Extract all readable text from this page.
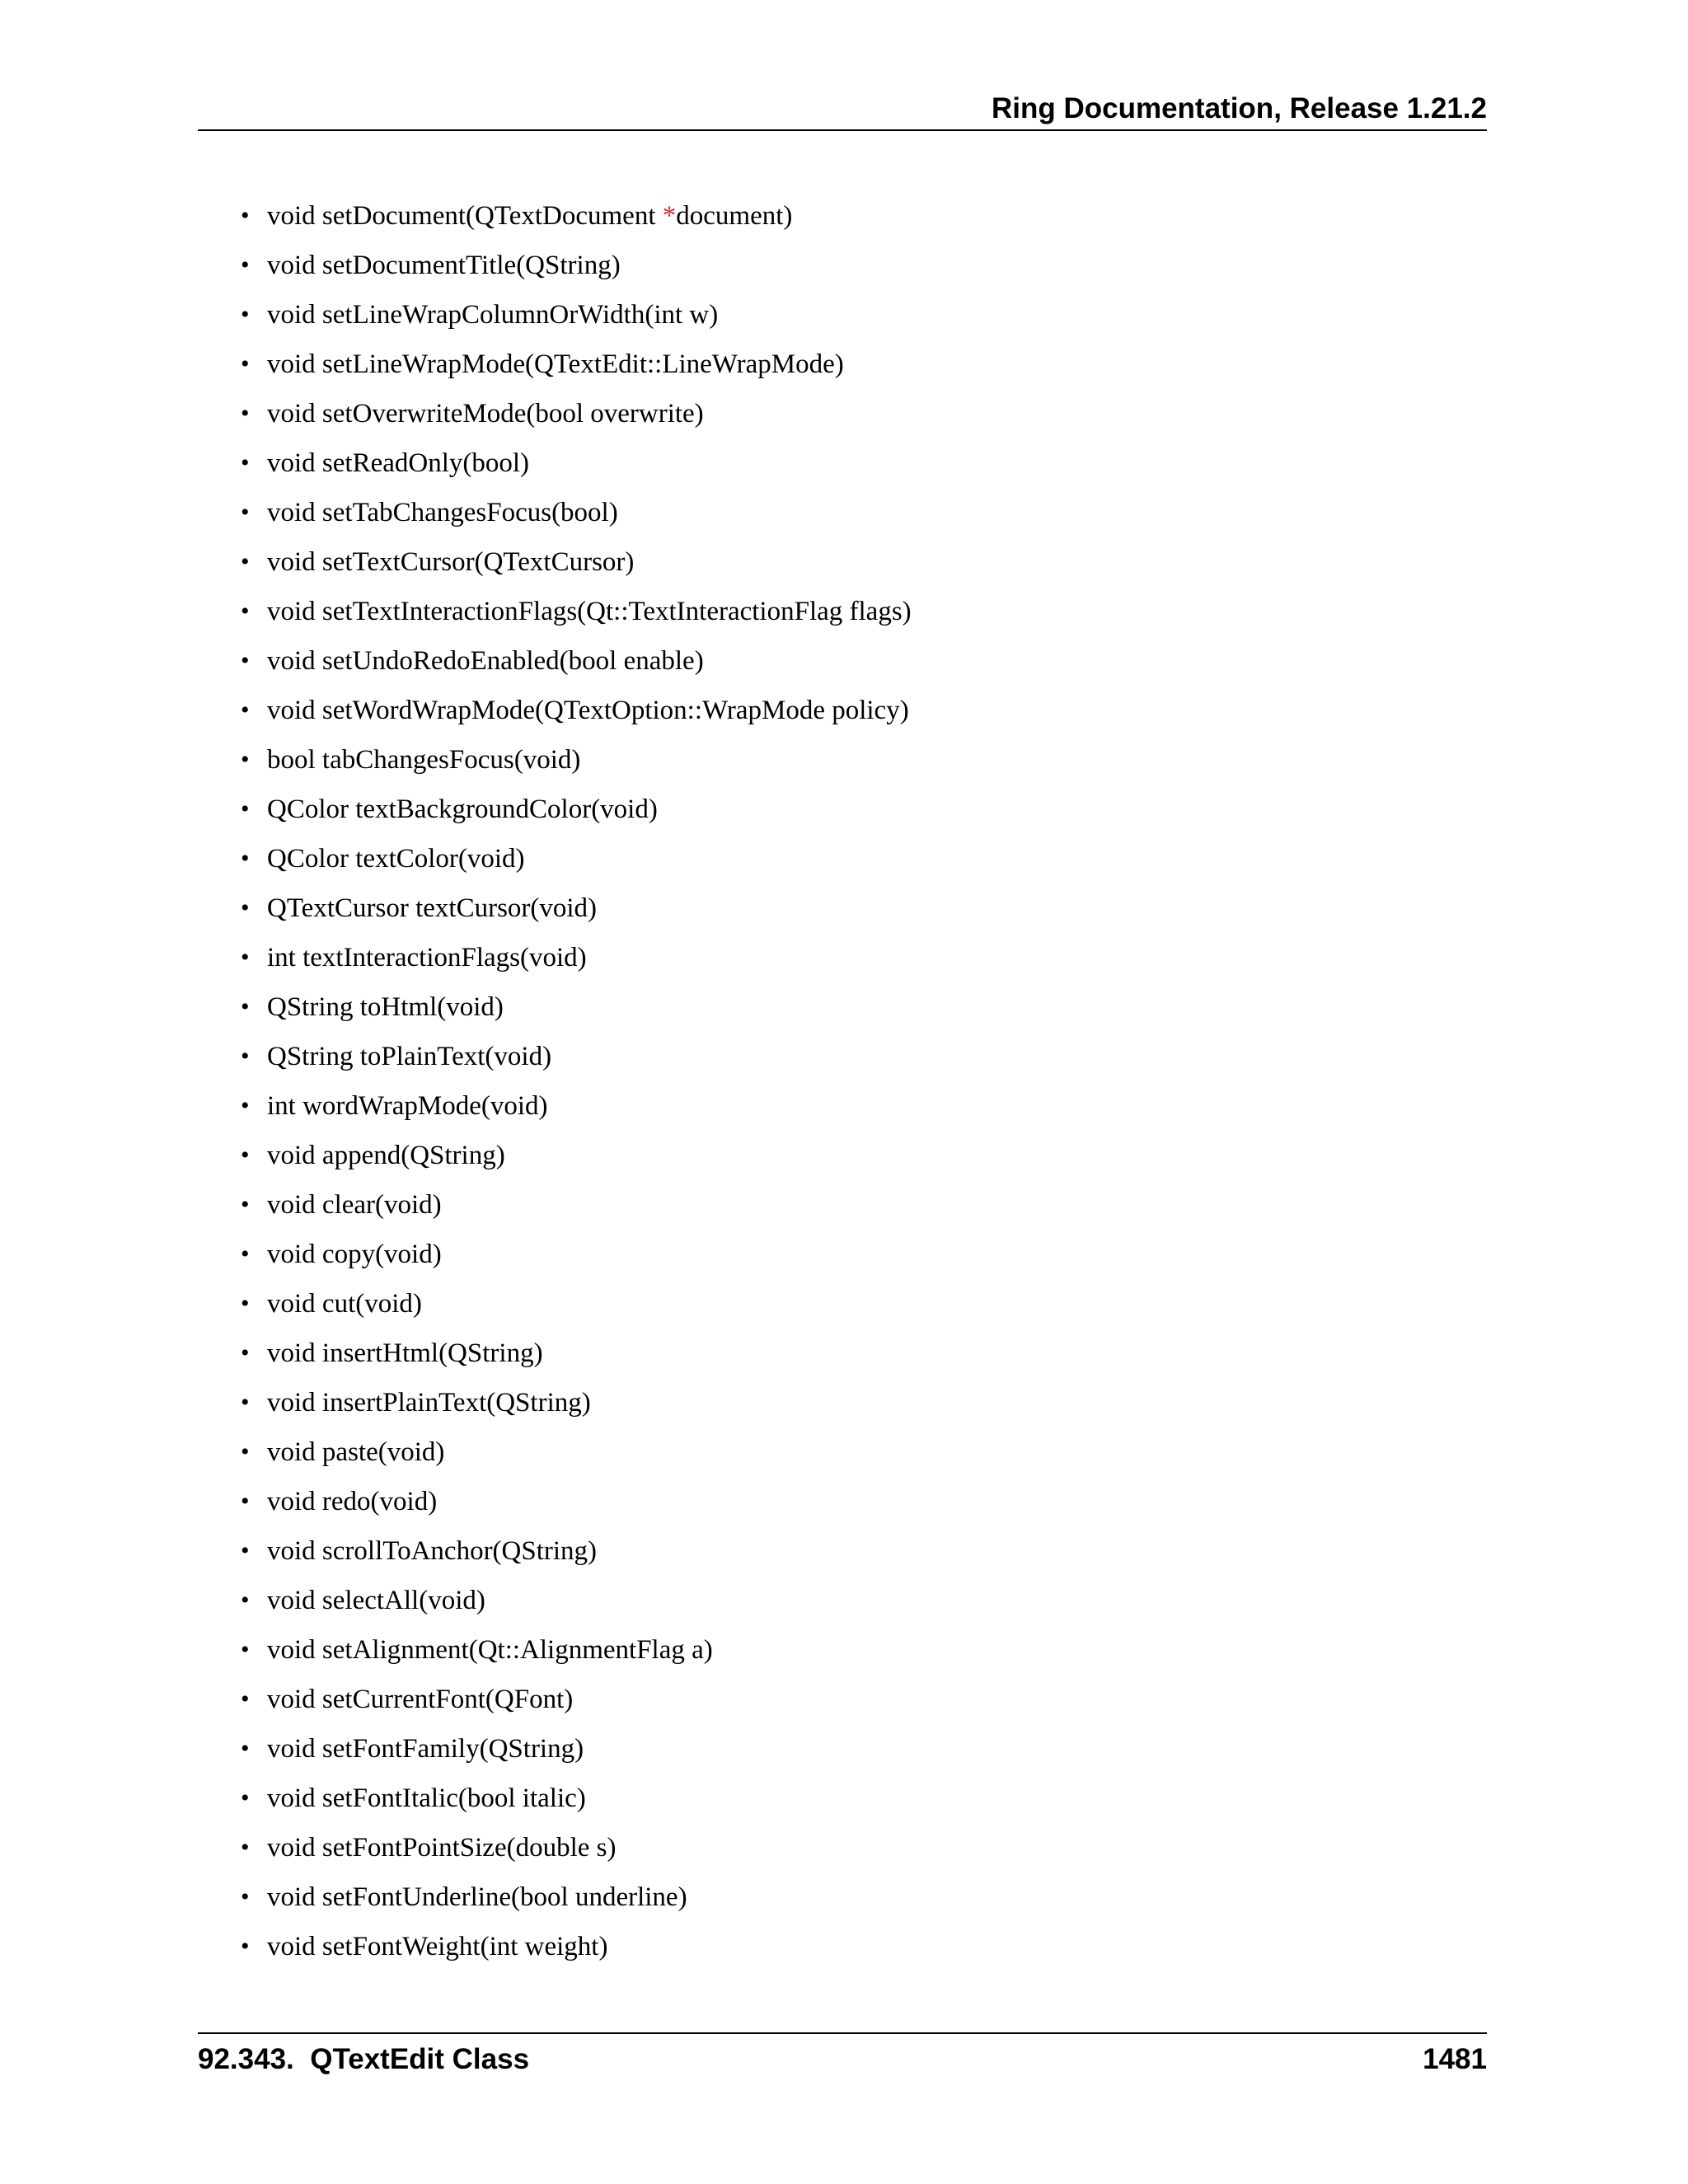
Ring Documentation, Release 1.21.2
• void setDocument(QTextDocument *document)
• void setDocumentTitle(QString)
• void setLineWrapColumnOrWidth(int w)
• void setLineWrapMode(QTextEdit::LineWrapMode)
• void setOverwriteMode(bool overwrite)
• void setReadOnly(bool)
• void setTabChangesFocus(bool)
• void setTextCursor(QTextCursor)
• void setTextInteractionFlags(Qt::TextInteractionFlag flags)
• void setUndoRedoEnabled(bool enable)
• void setWordWrapMode(QTextOption::WrapMode policy)
• bool tabChangesFocus(void)
• QColor textBackgroundColor(void)
• QColor textColor(void)
• QTextCursor textCursor(void)
• int textInteractionFlags(void)
• QString toHtml(void)
• QString toPlainText(void)
• int wordWrapMode(void)
• void append(QString)
• void clear(void)
• void copy(void)
• void cut(void)
• void insertHtml(QString)
• void insertPlainText(QString)
• void paste(void)
• void redo(void)
• void scrollToAnchor(QString)
• void selectAll(void)
• void setAlignment(Qt::AlignmentFlag a)
• void setCurrentFont(QFont)
• void setFontFamily(QString)
• void setFontItalic(bool italic)
• void setFontPointSize(double s)
• void setFontUnderline(bool underline)
• void setFontWeight(int weight)
92.343.  QTextEdit Class	1481
